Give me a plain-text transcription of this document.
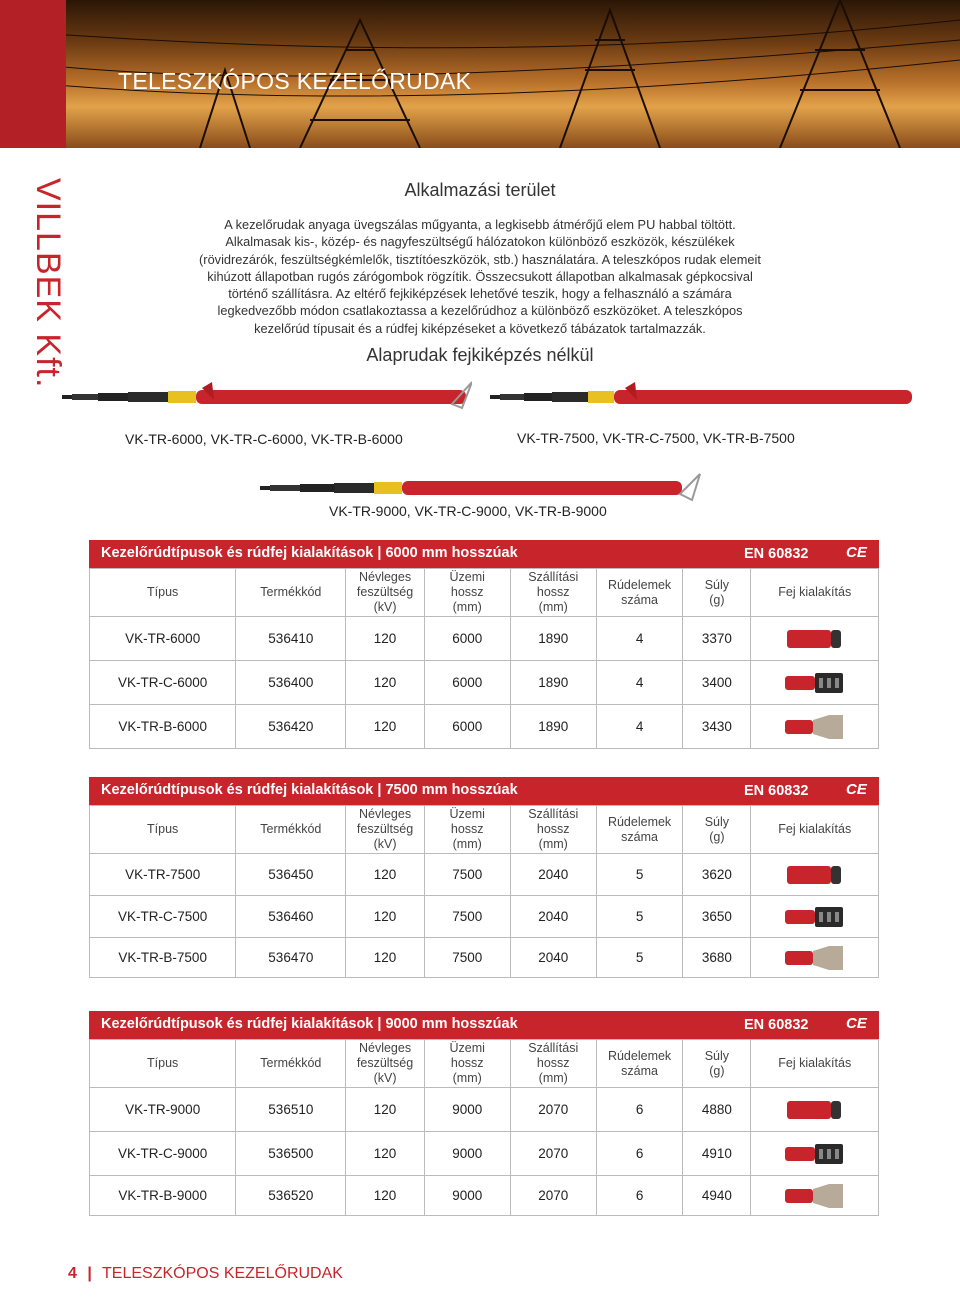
TELESZKÓPOS KEZELŐRUDAK
VILLBEK Kft.	Alkalmazási terület

A kezelőrudak anyaga üvegszálas műgyanta, a legkisebb átmérőjű elem PU habbal töltött.
Alkalmasak kis-, közép- és nagyfeszültségű hálózatokon különböző eszközök, készülékek
(rövidrezárók, feszültségkémlelők, tisztítóeszközök, stb.) használatára. A teleszkópos rudak elemeit
kihúzott állapotban rugós zárógombok rögzítik. Összecsukott állapotban alkalmasak gépkocsival
történő szállításra. Az eltérő fejkiképzések lehetővé teszik, hogy a felhasználó a számára
legkedvezőbb módon csatlakoztassa a kezelőrúdhoz a különböző eszközöket. A teleszkópos
kezelőrúd típusait és a rúdfej kiképzéseket a következő tábázatok tartalmazzák.

Alaprudak fejkiképzés nélkül
VK-TR-6000, VK-TR-C-6000, VK-TR-B-6000	VK-TR-7500, VK-TR-C-7500, VK-TR-B-7500
VK-TR-9000, VK-TR-C-9000, VK-TR-B-9000
Kezelőrúdtípusok és rúdfej kialakítások | 6000 mm hosszúak	EN 60832	CE
Típus	Termékkód	Névleges
feszültség
(kV)	Üzemi
hossz
(mm)	Szállítási
hossz
(mm)	Rúdelemek
száma	Súly
(g)	Fej kialakítás
VK-TR-6000	536410	120	6000	1890	4	3370	
VK-TR-C-6000	536400	120	6000	1890	4	3400	
VK-TR-B-6000	536420	120	6000	1890	4	3430	
Kezelőrúdtípusok és rúdfej kialakítások | 7500 mm hosszúak	EN 60832	CE
Típus	Termékkód	Névleges
feszültség
(kV)	Üzemi
hossz
(mm)	Szállítási
hossz
(mm)	Rúdelemek
száma	Súly
(g)	Fej kialakítás
VK-TR-7500	536450	120	7500	2040	5	3620	
VK-TR-C-7500	536460	120	7500	2040	5	3650	
VK-TR-B-7500	536470	120	7500	2040	5	3680	
Kezelőrúdtípusok és rúdfej kialakítások | 9000 mm hosszúak	EN 60832	CE
Típus	Termékkód	Névleges
feszültség
(kV)	Üzemi
hossz
(mm)	Szállítási
hossz
(mm)	Rúdelemek
száma	Súly
(g)	Fej kialakítás
VK-TR-9000	536510	120	9000	2070	6	4880	
VK-TR-C-9000	536500	120	9000	2070	6	4910	
VK-TR-B-9000	536520	120	9000	2070	6	4940	
4 | TELESZKÓPOS KEZELŐRUDAK
